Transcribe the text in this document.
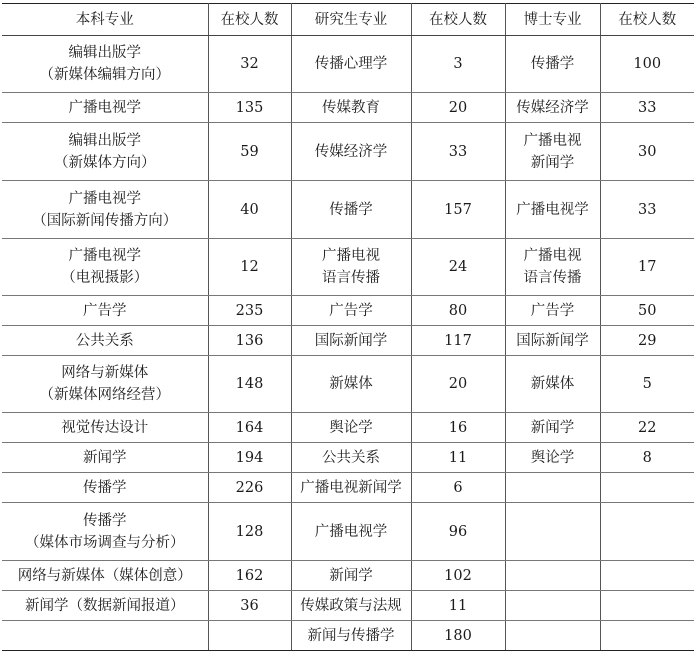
本科专业	在校人数	研究生专业	在校人数	博士专业	在校人数

编辑出版学
（新媒体编辑方向）	32	传播心理学	3	传播学	100

广播电视学	135	传媒教育	20	传媒经济学	33

编辑出版学
（新媒体方向）	59	传媒经济学	33	广播电视
新闻学	30

广播电视学
（国际新闻传播方向）	40	传播学	157	广播电视学	33

广播电视学
（电视摄影）	12	广播电视
语言传播	24	广播电视
语言传播	17

广告学	235	广告学	80	广告学	50

公共关系	136	国际新闻学	117	国际新闻学	29

网络与新媒体
（新媒体网络经营）	148	新媒体	20	新媒体	5

视觉传达设计	164	舆论学	16	新闻学	22

新闻学	194	公共关系	11	舆论学	8

传播学	226	广播电视新闻学	6		

传播学
（媒体市场调查与分析）	128	广播电视学	96		

网络与新媒体（媒体创意）	162	新闻学	102		

新闻学（数据新闻报道）	36	传媒政策与法规	11		

		新闻与传播学	180		
